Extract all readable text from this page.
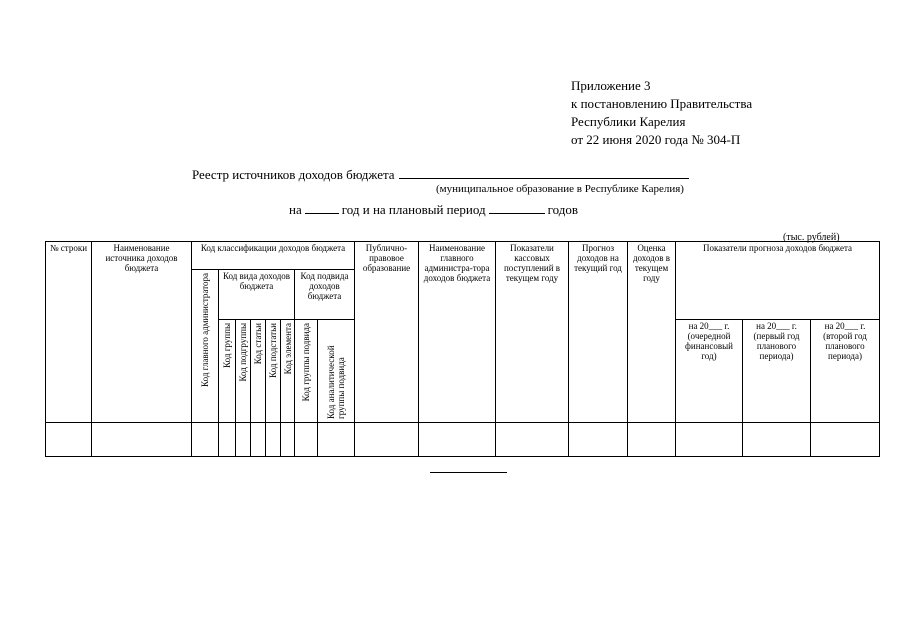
Приложение 3
к постановлению Правительства
Республики Карелия
от 22 июня 2020 года № 304-П
Реестр источников доходов бюджета
(муниципальное образование в Республике Карелия)
на	год и на плановый период	годов
(тыс. рублей)
№ строки	Наименование источника доходов бюджета	Код классификации доходов бюджета								Публично-правовое образование	Наименование главного администра-тора доходов бюджета	Показатели кассовых поступлений в текущем году	Прогноз доходов на текущий год	Оценка доходов в текущем году	Показатели прогноза доходов бюджета		

		Код главного администратора	Код вида доходов бюджета					Код подвида доходов бюджета									

			Код группы	Код подгруппы	Код статьи	Код подстатьи	Код элемента	Код группы подвида	Код аналитической группы подвида						на 20___ г. (очередной финансовый год)	на 20___ г. (первый год планового периода)	на 20___ г. (второй год планового периода)
